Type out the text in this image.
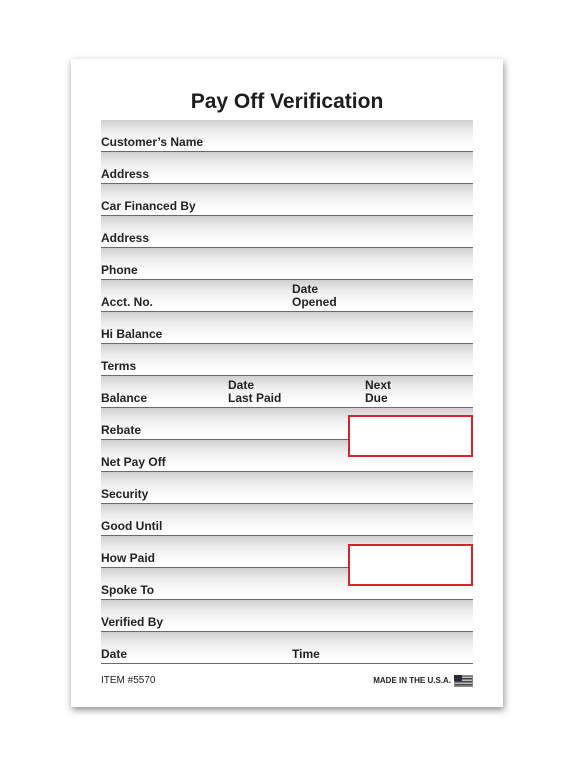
Pay Off Verification
Customer’s Name
Address
Car Financed By
Address
Phone
Acct. No.
Date
Opened
Hi Balance
Terms
Balance
Date
Last Paid
Next
Due
Rebate
Net Pay Off
Security
Good Until
How Paid
Spoke To
Verified By
Date	Time
ITEM #5570	MADE IN THE U.S.A.
